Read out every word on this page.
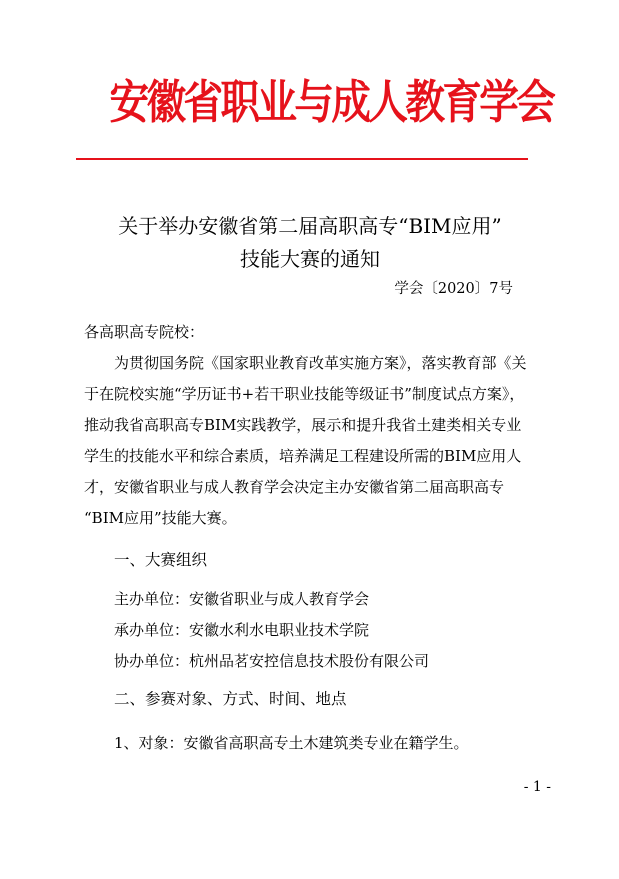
安徽省职业与成人教育学会
关于举办安徽省第二届高职高专“BIM应用”
技能大赛的通知
学会〔2020〕7号
各高职高专院校：
为贯彻国务院《国家职业教育改革实施方案》，落实教育部《关
于在院校实施“学历证书+若干职业技能等级证书”制度试点方案》，
推动我省高职高专BIM实践教学，展示和提升我省土建类相关专业
学生的技能水平和综合素质，培养满足工程建设所需的BIM应用人
才，安徽省职业与成人教育学会决定主办安徽省第二届高职高专
“BIM应用”技能大赛。
一、大赛组织
主办单位：安徽省职业与成人教育学会
承办单位：安徽水利水电职业技术学院
协办单位：杭州品茗安控信息技术股份有限公司
二、参赛对象、方式、时间、地点
1、对象：安徽省高职高专土木建筑类专业在籍学生。
- 1 -
